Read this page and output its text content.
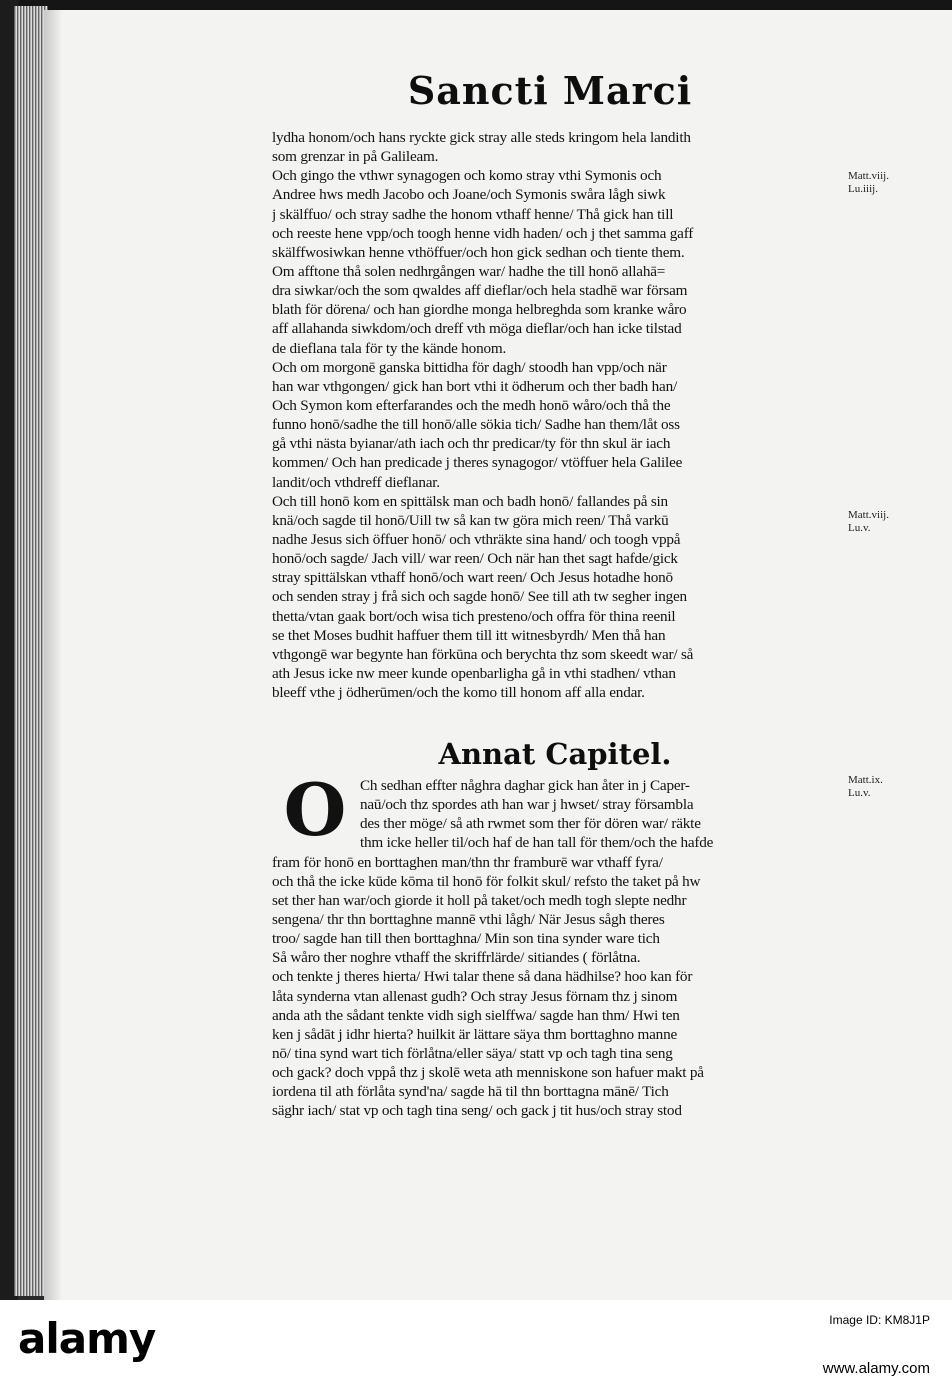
Sancti Marci
lydha honom/och hans ryckte gick stray alle steds kringom hela landith
som grenzar in på Galileam.
Och gingo the vthwr synagogen och komo stray vthi Symonis och
Andree hws medh Jacobo och Joane/och Symonis swåra lågh siwk
j skälffuo/ och stray sadhe the honom vthaff henne/ Thå gick han till
och reeste hene vpp/och toogh henne vidh haden/ och j thet samma gaff
skälffwosiwkan henne vthöffuer/och hon gick sedhan och tiente them.
Om afftone thå solen nedhrgången war/ hadhe the till honō allahā=
dra siwkar/och the som qwaldes aff dieflar/och hela stadhē war försam
blath för dörena/ och han giordhe monga helbreghda som kranke wåro
aff allahanda siwkdom/och dreff vth möga dieflar/och han icke tilstad
de dieflana tala för ty the kände honom.
Och om morgonē ganska bittidha för dagh/ stoodh han vpp/och när
han war vthgongen/ gick han bort vthi it ödherum och ther badh han/
Och Symon kom efterfarandes och the medh honō wåro/och thå the
funno honō/sadhe the till honō/alle sökia tich/ Sadhe han them/låt oss
gå vthi nästa byianar/ath iach och thr predicar/ty för thn skul är iach
kommen/ Och han predicade j theres synagogor/ vtöffuer hela Galilee
landit/och vthdreff dieflanar.
Och till honō kom en spittälsk man och badh honō/ fallandes på sin
knä/och sagde til honō/Uill tw så kan tw göra mich reen/ Thå varkū
nadhe Jesus sich öffuer honō/ och vthräkte sina hand/ och toogh vppå
honō/och sagde/ Jach vill/ war reen/ Och när han thet sagt hafde/gick
stray spittälskan vthaff honō/och wart reen/ Och Jesus hotadhe honō
och senden stray j frå sich och sagde honō/ See till ath tw segher ingen
thetta/vtan gaak bort/och wisa tich presteno/och offra för thina reenil
se thet Moses budhit haffuer them till itt witnesbyrdh/ Men thå han
vthgongē war begynte han förkūna och berychta thz som skeedt war/ så
ath Jesus icke nw meer kunde openbarligha gå in vthi stadhen/ vthan
bleeff vthe j ödherūmen/och the komo till honom aff alla endar.
Annat Capitel.
O Ch sedhan effter någhra daghar gick han åter in j Caper-
naū/och thz spordes ath han war j hwset/ stray försambla
des ther möge/ så ath rwmet som ther för dören war/ räkte
thm icke heller til/och haf de han tall för them/och the hafde
fram för honō en borttaghen man/thn thr framburē war vthaff fyra/
och thå the icke kūde kōma til honō för folkit skul/ refsto the taket på hw
set ther han war/och giorde it holl på taket/och medh togh slepte nedhr
sengena/ thr thn borttaghne mannē vthi lågh/ När Jesus sågh theres
troo/ sagde han till then borttaghna/ Min son tina synder ware tich
Så wåro ther noghre vthaff the skriffrlärde/ sitiandes ( förlåtna.
och tenkte j theres hierta/ Hwi talar thene så dana hädhilse? hoo kan för
låta synderna vtan allenast gudh? Och stray Jesus förnam thz j sinom
anda ath the sådant tenkte vidh sigh sielffwa/ sagde han thm/ Hwi ten
ken j sådāt j idhr hierta? huilkit är lättare säya thm borttaghno manne
nō/ tina synd wart tich förlåtna/eller säya/ statt vp och tagh tina seng
och gack? doch vppå thz j skolē weta ath menniskone son hafuer makt på
iordena til ath förlåta synd'na/ sagde hā til thn borttagna mānē/ Tich
säghr iach/ stat vp och tagh tina seng/ och gack j tit hus/och stray stod
Matt.viij.
Lu.iiij.
Matt.viij.
Lu.v.
Matt.ix.
Lu.v.
alamy	Image ID: KM8J1P
www.alamy.com
